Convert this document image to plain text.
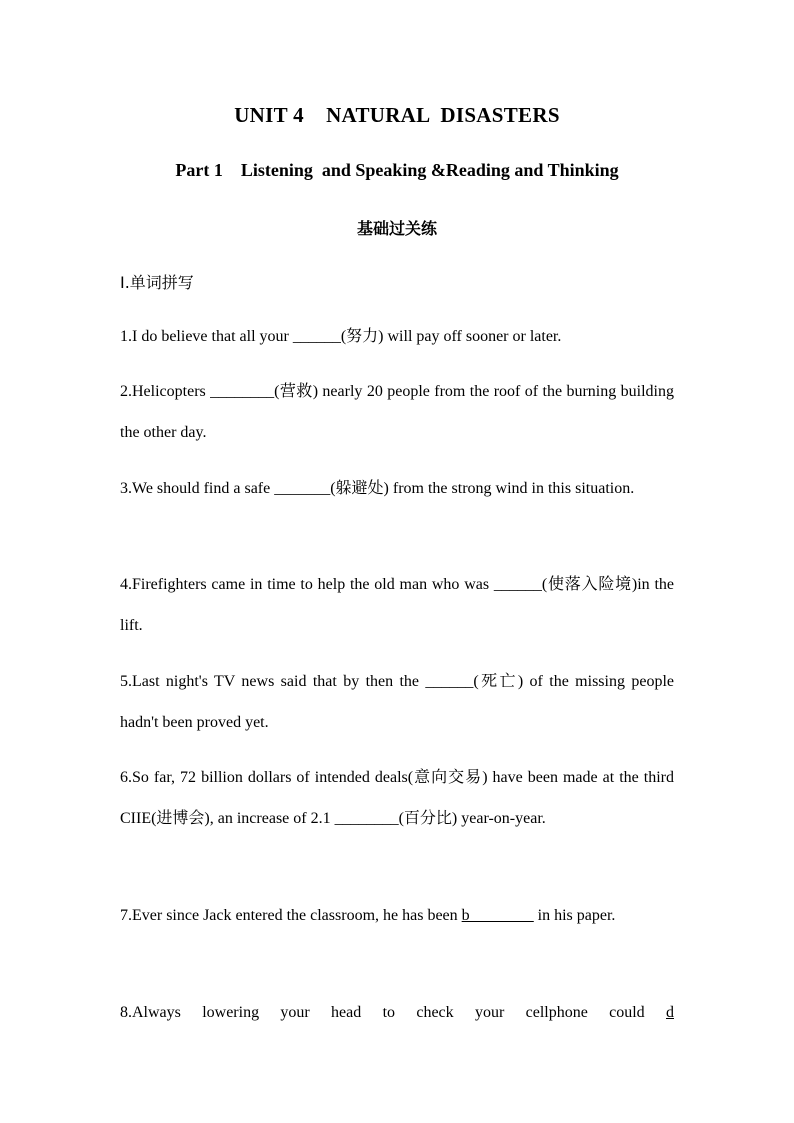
UNIT 4    NATURAL  DISASTERS
Part 1    Listening  and Speaking &Reading and Thinking
基础过关练
Ⅰ.单词拼写
1.I do believe that all your ______(努力) will pay off sooner or later.
2.Helicopters ________(营救) nearly 20 people from the roof of the burning building the other day.
3.We should find a safe _______(躲避处) from the strong wind in this situation.
4.Firefighters came in time to help the old man who was ______(使落入险境)in the lift.
5.Last night's TV news said that by then the ______(死亡) of the missing people hadn't been proved yet.
6.So far, 72 billion dollars of intended deals(意向交易) have been made at the third CIIE(进博会), an increase of 2.1 ________(百分比) year-on-year.
7.Ever since Jack entered the classroom, he has been b________ in his paper.
8.Always lowering your head to check your cellphone could d
